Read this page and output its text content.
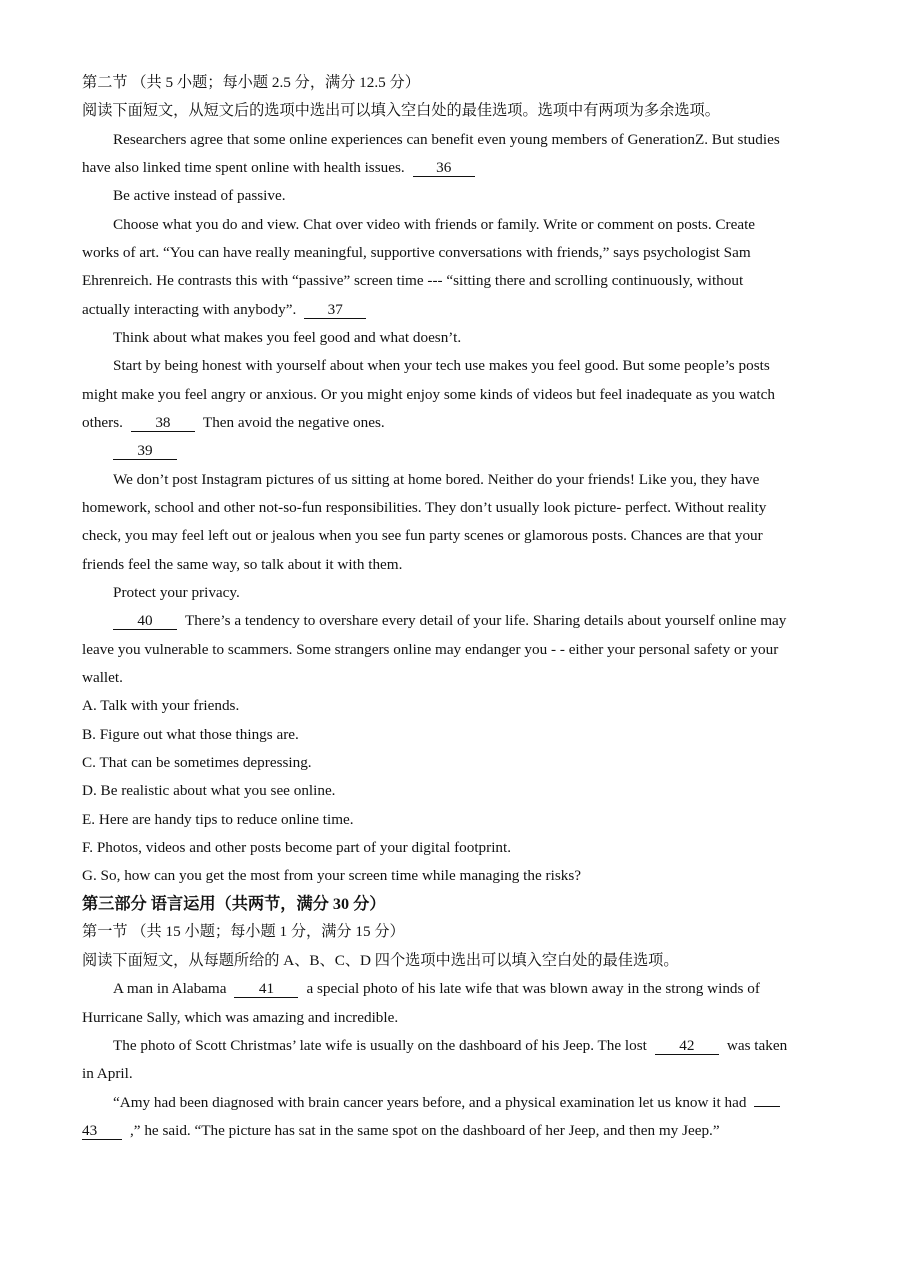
第二节 （共 5 小题；每小题 2.5 分，满分 12.5 分）
阅读下面短文，从短文后的选项中选出可以填入空白处的最佳选项。选项中有两项为多余选项。
Researchers agree that some online experiences can benefit even young members of GenerationZ. But studies
have also linked time spent online with health issues. 36
Be active instead of passive.
Choose what you do and view. Chat over video with friends or family. Write or comment on posts. Create
works of art. “You can have really meaningful, supportive conversations with friends,” says psychologist Sam
Ehrenreich. He contrasts this with “passive” screen time --- “sitting there and scrolling continuously, without
actually interacting with anybody”. 37
Think about what makes you feel good and what doesn’t.
Start by being honest with yourself about when your tech use makes you feel good. But some people’s posts
might make you feel angry or anxious. Or you might enjoy some kinds of videos but feel inadequate as you watch
others. 38 Then avoid the negative ones.
39
We don’t post Instagram pictures of us sitting at home bored. Neither do your friends! Like you, they have
homework, school and other not-so-fun responsibilities. They don’t usually look picture- perfect. Without reality
check, you may feel left out or jealous when you see fun party scenes or glamorous posts. Chances are that your
friends feel the same way, so talk about it with them.
Protect your privacy.
40 There’s a tendency to overshare every detail of your life. Sharing details about yourself online may
leave you vulnerable to scammers. Some strangers online may endanger you - - either your personal safety or your
wallet.
A. Talk with your friends.
B. Figure out what those things are.
C. That can be sometimes depressing.
D. Be realistic about what you see online.
E. Here are handy tips to reduce online time.
F. Photos, videos and other posts become part of your digital footprint.
G. So, how can you get the most from your screen time while managing the risks?
第三部分 语言运用（共两节，满分 30 分）
第一节 （共 15 小题；每小题 1 分，满分 15 分）
阅读下面短文，从每题所给的 A、B、C、D 四个选项中选出可以填入空白处的最佳选项。
A man in Alabama 41 a special photo of his late wife that was blown away in the strong winds of
Hurricane Sally, which was amazing and incredible.
The photo of Scott Christmas’ late wife is usually on the dashboard of his Jeep. The lost 42 was taken
in April.
“Amy had been diagnosed with brain cancer years before, and a physical examination let us know it had
43 ,” he said. “The picture has sat in the same spot on the dashboard of her Jeep, and then my Jeep.”
